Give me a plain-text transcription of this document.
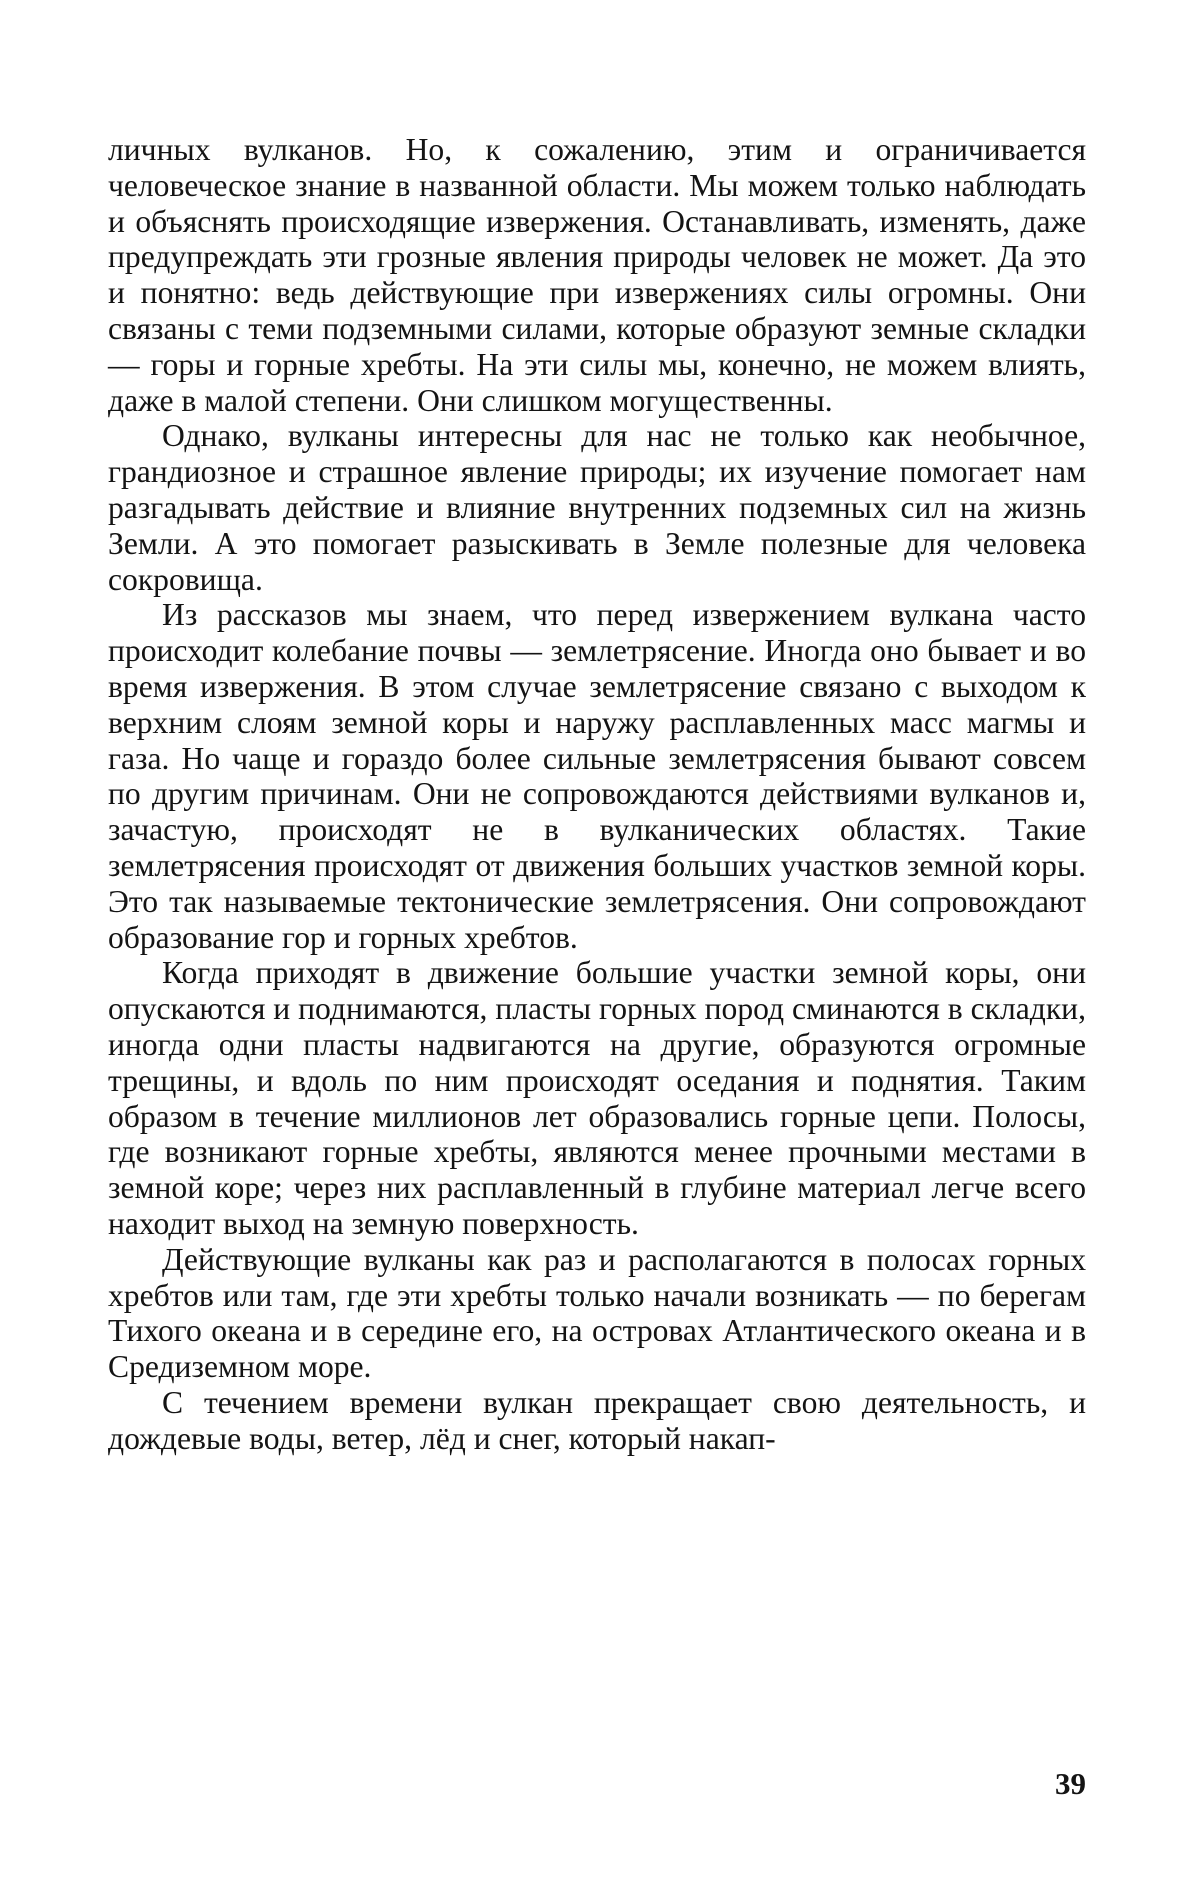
личных вулканов. Но, к сожалению, этим и ограничивается человеческое знание в названной области. Мы можем только наблюдать и объяснять происходящие извержения. Останавливать, изменять, даже предупреждать эти грозные явления природы человек не может. Да это и понятно: ведь действующие при извержениях силы огромны. Они связаны с теми подземными силами, которые образуют земные складки — горы и горные хребты. На эти силы мы, конечно, не можем влиять, даже в малой степени. Они слишком могущественны.

Однако, вулканы интересны для нас не только как необычное, грандиозное и страшное явление природы; их изучение помогает нам разгадывать действие и влияние внутренних подземных сил на жизнь Земли. А это помогает разыскивать в Земле полезные для человека сокровища.

Из рассказов мы знаем, что перед извержением вулкана часто происходит колебание почвы — землетрясение. Иногда оно бывает и во время извержения. В этом случае землетрясение связано с выходом к верхним слоям земной коры и наружу расплавленных масс магмы и газа. Но чаще и гораздо более сильные землетрясения бывают совсем по другим причинам. Они не сопровождаются действиями вулканов и, зачастую, происходят не в вулканических областях. Такие землетрясения происходят от движения больших участков земной коры. Это так называемые тектонические землетрясения. Они сопровождают образование гор и горных хребтов.

Когда приходят в движение большие участки земной коры, они опускаются и поднимаются, пласты горных пород сминаются в складки, иногда одни пласты надвигаются на другие, образуются огромные трещины, и вдоль по ним происходят оседания и поднятия. Таким образом в течение миллионов лет образовались горные цепи. Полосы, где возникают горные хребты, являются менее прочными местами в земной коре; через них расплавленный в глубине материал легче всего находит выход на земную поверхность.

Действующие вулканы как раз и располагаются в полосах горных хребтов или там, где эти хребты только начали возникать — по берегам Тихого океана и в середине его, на островах Атлантического океана и в Средиземном море.

С течением времени вулкан прекращает свою деятельность, и дождевые воды, ветер, лёд и снег, который накап-

39
